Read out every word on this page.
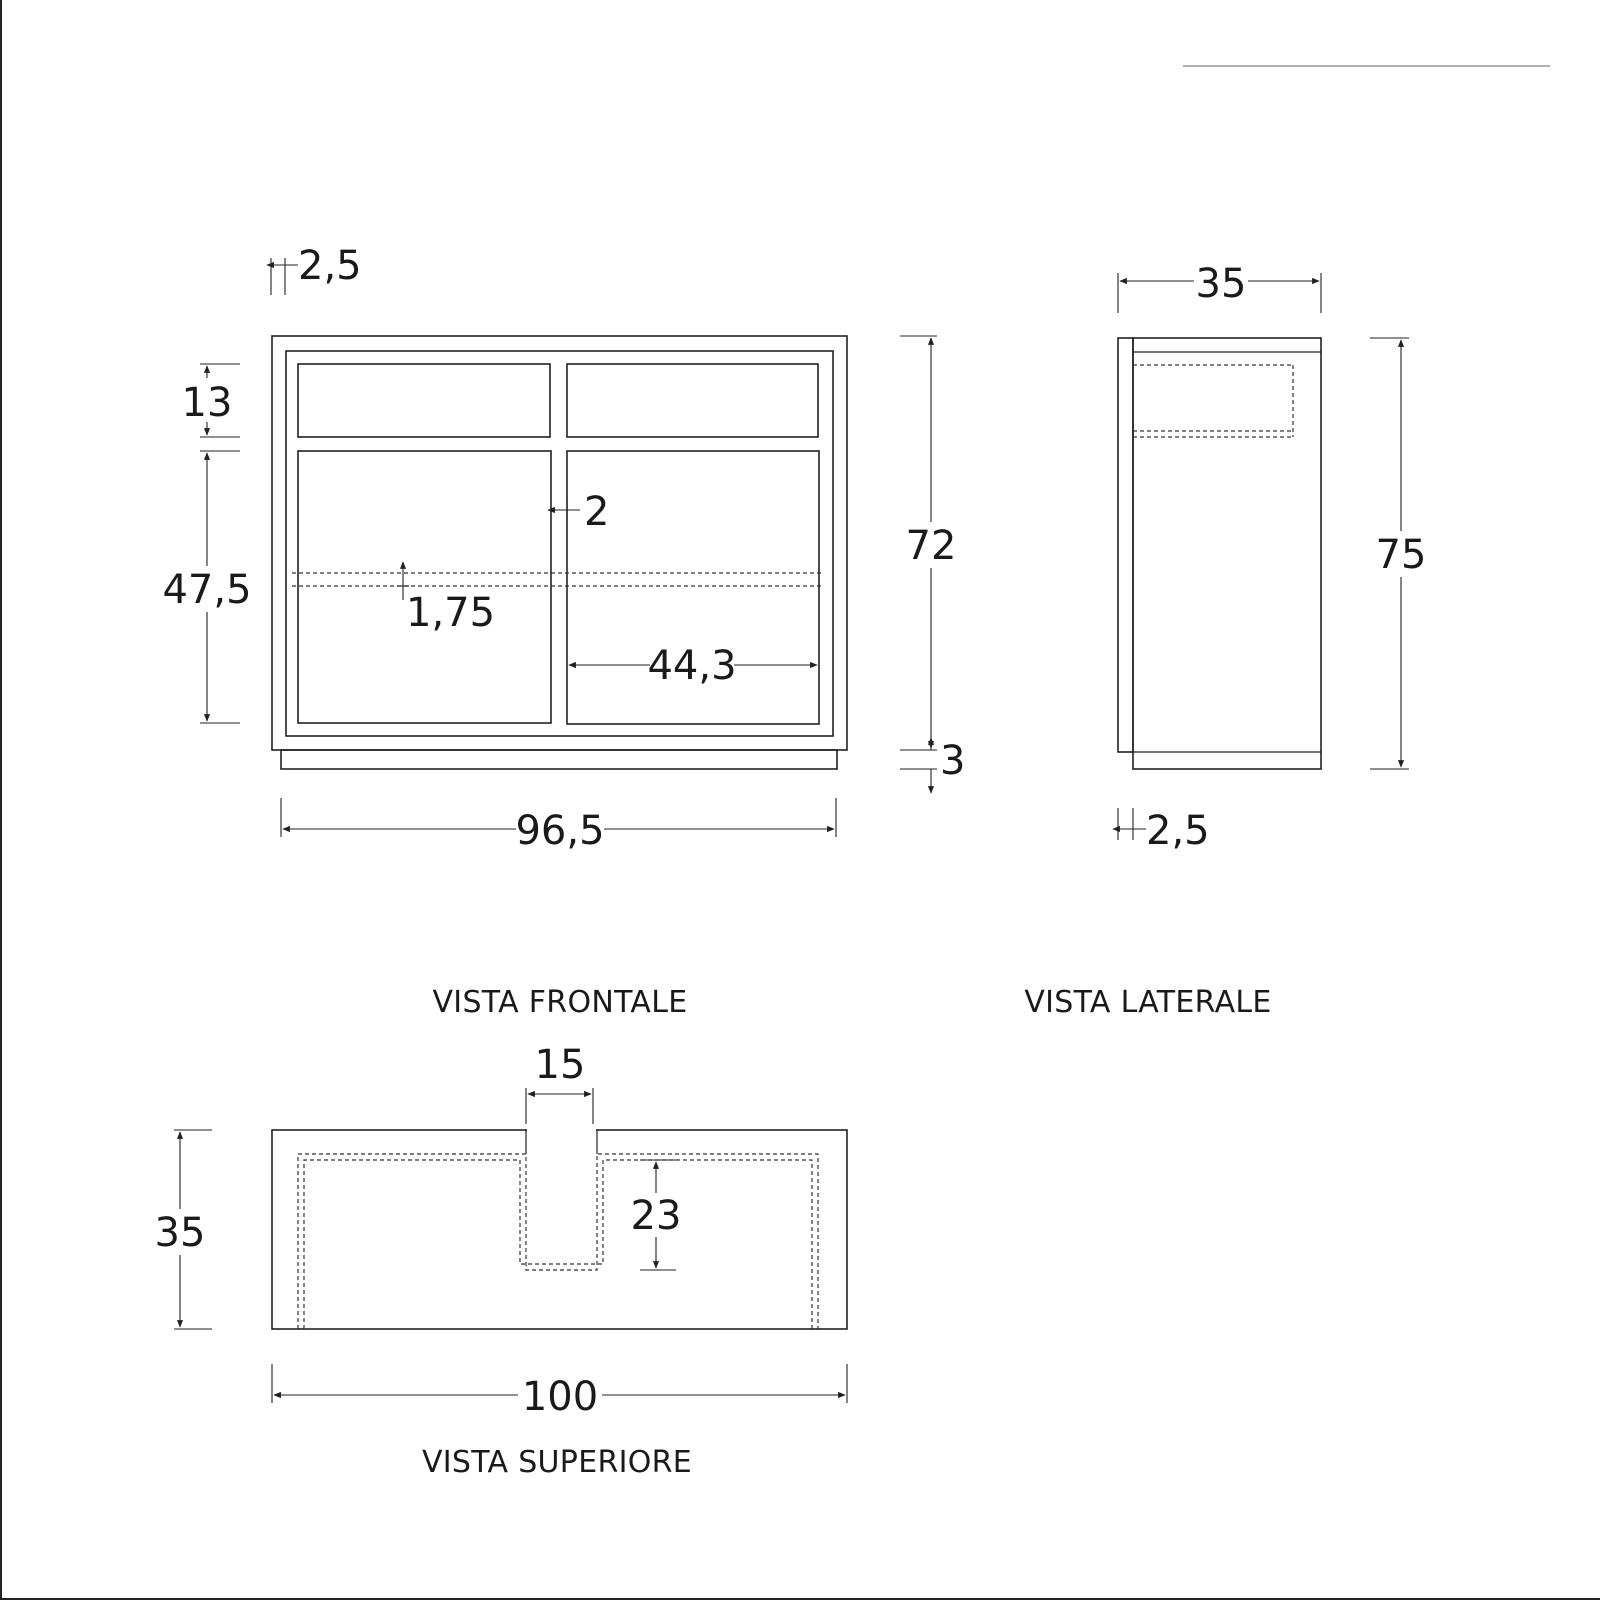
2,5
13
47,5
2
1,75
44,3
72
3
96,5
VISTA FRONTALE
35
75
2,5
VISTA LATERALE
15
23
35
100
VISTA SUPERIORE
